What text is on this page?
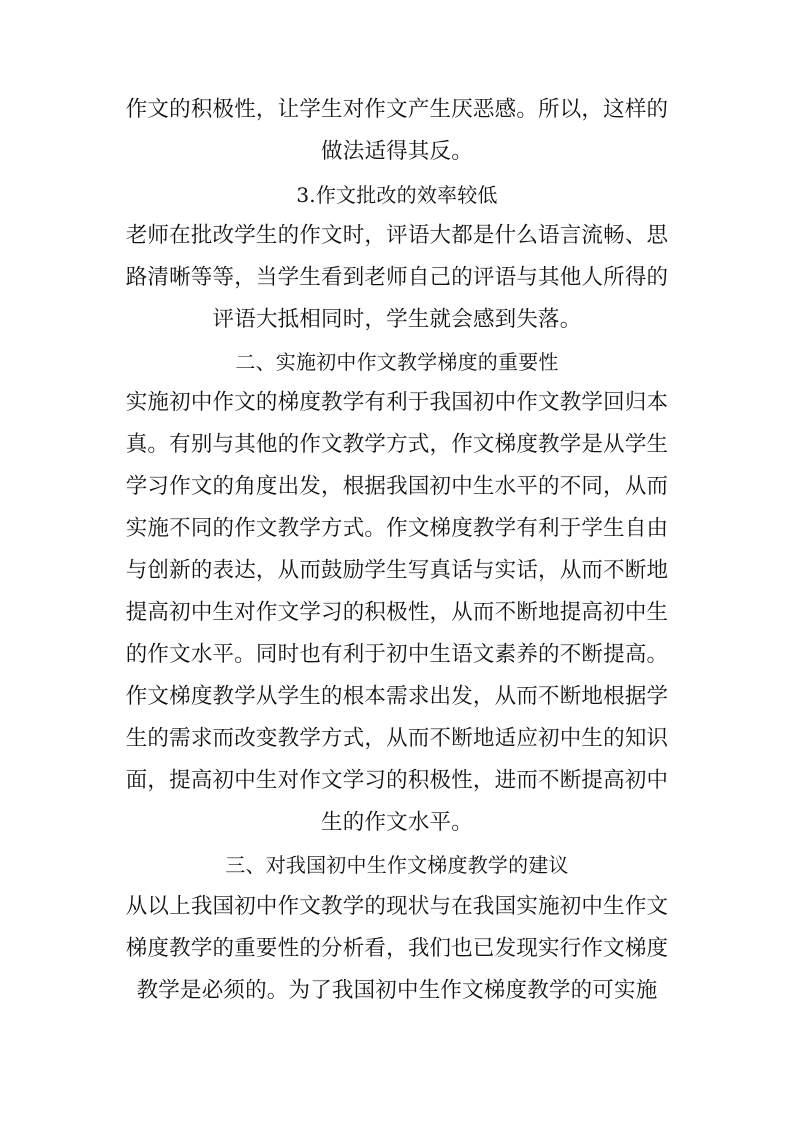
作文的积极性，让学生对作文产生厌恶感。所以，这样的
做法适得其反。
3.作文批改的效率较低
老师在批改学生的作文时，评语大都是什么语言流畅、思
路清晰等等，当学生看到老师自己的评语与其他人所得的
评语大抵相同时，学生就会感到失落。
二、实施初中作文教学梯度的重要性
实施初中作文的梯度教学有利于我国初中作文教学回归本
真。有别与其他的作文教学方式，作文梯度教学是从学生
学习作文的角度出发，根据我国初中生水平的不同，从而
实施不同的作文教学方式。作文梯度教学有利于学生自由
与创新的表达，从而鼓励学生写真话与实话，从而不断地
提高初中生对作文学习的积极性，从而不断地提高初中生
的作文水平。同时也有利于初中生语文素养的不断提高。
作文梯度教学从学生的根本需求出发，从而不断地根据学
生的需求而改变教学方式，从而不断地适应初中生的知识
面，提高初中生对作文学习的积极性，进而不断提高初中
生的作文水平。
三、对我国初中生作文梯度教学的建议
从以上我国初中作文教学的现状与在我国实施初中生作文
梯度教学的重要性的分析看，我们也已发现实行作文梯度
教学是必须的。为了我国初中生作文梯度教学的可实施
